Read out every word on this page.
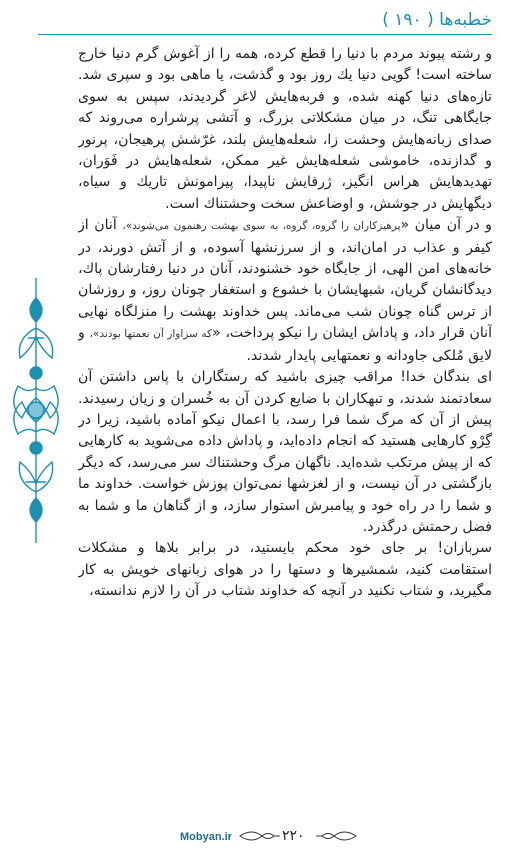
خطبه‌ها ( ۱۹۰ )

و رشته پیوند مردم با دنیا را قطع کرده، همه را از آغوش گرم دنیا خارج ساخته است! گویی دنیا یك روز بود و گذشت، یا ماهی بود و سپری شد. تازه‌های دنیا کهنه شده، و فربه‌هایش لاغر گردیدند، سپس به سوی جایگاهی تنگ، در میان مشکلاتی بزرگ، و آتشی پرشراره می‌روند که صدای زبانه‌هایش وحشت زا، شعله‌هایش بلند، غرّشش پرهیجان، پرنور و گدازنده، خاموشی شعله‌هایش غیر ممکن، شعله‌هایش در فَوَران، تهدیدهایش هراس انگیز، ژرفایش ناپیدا، پیرامونش تاریك و سیاه، دیگهایش در جوشش، و اوضاعش سخت وحشتناك است.

و در آن میان «پرهیزکاران را گروه، گروه، به سوی بهشت رهنمون می‌شوند»، آنان از کیفر و عذاب در امان‌اند، و از سرزنشها آسوده، و از آتش دورند، در خانه‌های امن الهی، از جایگاه خود خشنودند، آنان در دنیا رفتارشان پاك، دیدگانشان گریان، شبهایشان با خشوع و استغفار چونان روز، و روزشان از ترس گناه چونان شب می‌ماند. پس خداوند بهشت را منزلگاه نهایی آنان قرار داد، و پاداش ایشان را نیکو پرداخت، «که سزاوار آن نعمتها بودند»، و لایق مُلکی جاودانه و نعمتهایی پایدار شدند.

ای بندگان خدا! مراقب چیزی باشید که رستگاران با پاس داشتن آن سعادتمند شدند، و تبهکاران با ضایع کردن آن به خُسران و زیان رسیدند. پیش از آن که مرگ شما فرا رسد، با اعمال نیکو آماده باشید، زیرا در گِرْو کارهایی هستید که انجام داده‌اید، و پاداش داده می‌شوید به کارهایی که از پیش مرتکب شده‌اید. ناگهان مرگ وحشتناك سر می‌رسد، که دیگر بازگشتی در آن نیست، و از لغزشها نمی‌توان پوزش خواست. خداوند ما و شما را در راه خود و پیامبرش استوار سازد، و از گناهان ما و شما به فضل رحمتش درگذرد.

سربازان! بر جای خود محکم بایستید، در برابر بلاها و مشکلات استقامت کنید، شمشیرها و دستها را در هوای زبانهای خویش به کار مگیرید، و شتاب نکنید در آنچه که خداوند شتاب در آن را لازم ندانسته،

Mobyan.ir	۲۲۰
